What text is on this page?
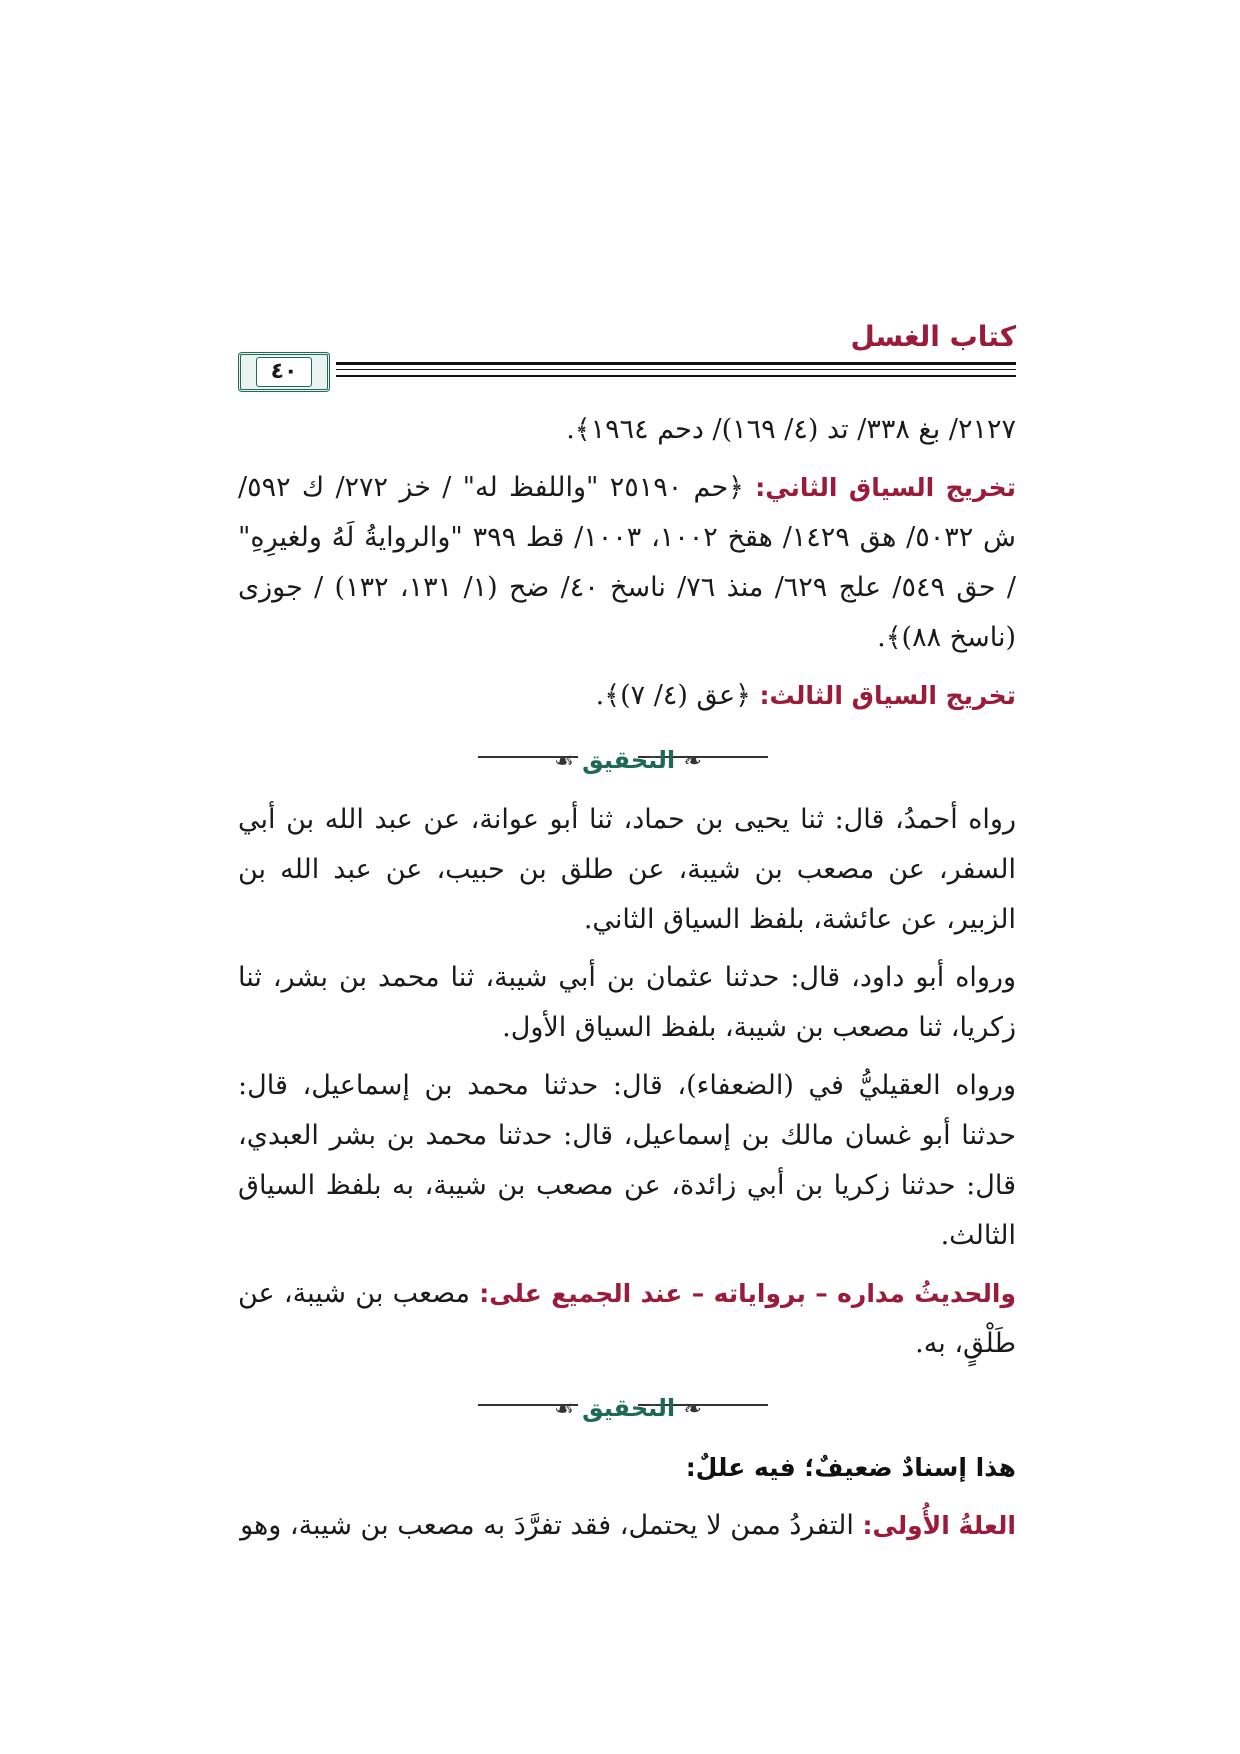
كتاب الغسل
٤٠

٢١٢٧/ بغ ٣٣٨/ تد (٤/ ١٦٩)/ دحم ١٩٦٤﴾.

تخريج السياق الثاني: ﴿حم ٢٥١٩٠ "واللفظ له" / خز ٢٧٢/ ك ٥٩٢/ ش ٥٠٣٢/ هق ١٤٢٩/ هقخ ١٠٠٢، ١٠٠٣/ قط ٣٩٩ "والروايةُ لَهُ ولغيرِهِ" / حق ٥٤٩/ علج ٦٢٩/ منذ ٧٦/ ناسخ ٤٠/ ضح (١/ ١٣١، ١٣٢) / جوزى (ناسخ ٨٨)﴾.

تخريج السياق الثالث: ﴿عق (٤/ ٧)﴾.

❧ التحقيق ☙

رواه أحمدُ، قال: ثنا يحيى بن حماد، ثنا أبو عوانة، عن عبد الله بن أبي السفر، عن مصعب بن شيبة، عن طلق بن حبيب، عن عبد الله بن الزبير، عن عائشة، بلفظ السياق الثاني.

ورواه أبو داود، قال: حدثنا عثمان بن أبي شيبة، ثنا محمد بن بشر، ثنا زكريا، ثنا مصعب بن شيبة، بلفظ السياق الأول.

ورواه العقيليُّ في (الضعفاء)، قال: حدثنا محمد بن إسماعيل، قال: حدثنا أبو غسان مالك بن إسماعيل، قال: حدثنا محمد بن بشر العبدي، قال: حدثنا زكريا بن أبي زائدة، عن مصعب بن شيبة، به بلفظ السياق الثالث.

والحديثُ مداره – برواياته – عند الجميع على: مصعب بن شيبة، عن طَلْقٍ، به.

❧ التحقيق ☙

هذا إسنادٌ ضعيفٌ؛ فيه عللٌ:

العلةُ الأُولى: التفردُ ممن لا يحتمل، فقد تفرَّدَ به مصعب بن شيبة، وهو
